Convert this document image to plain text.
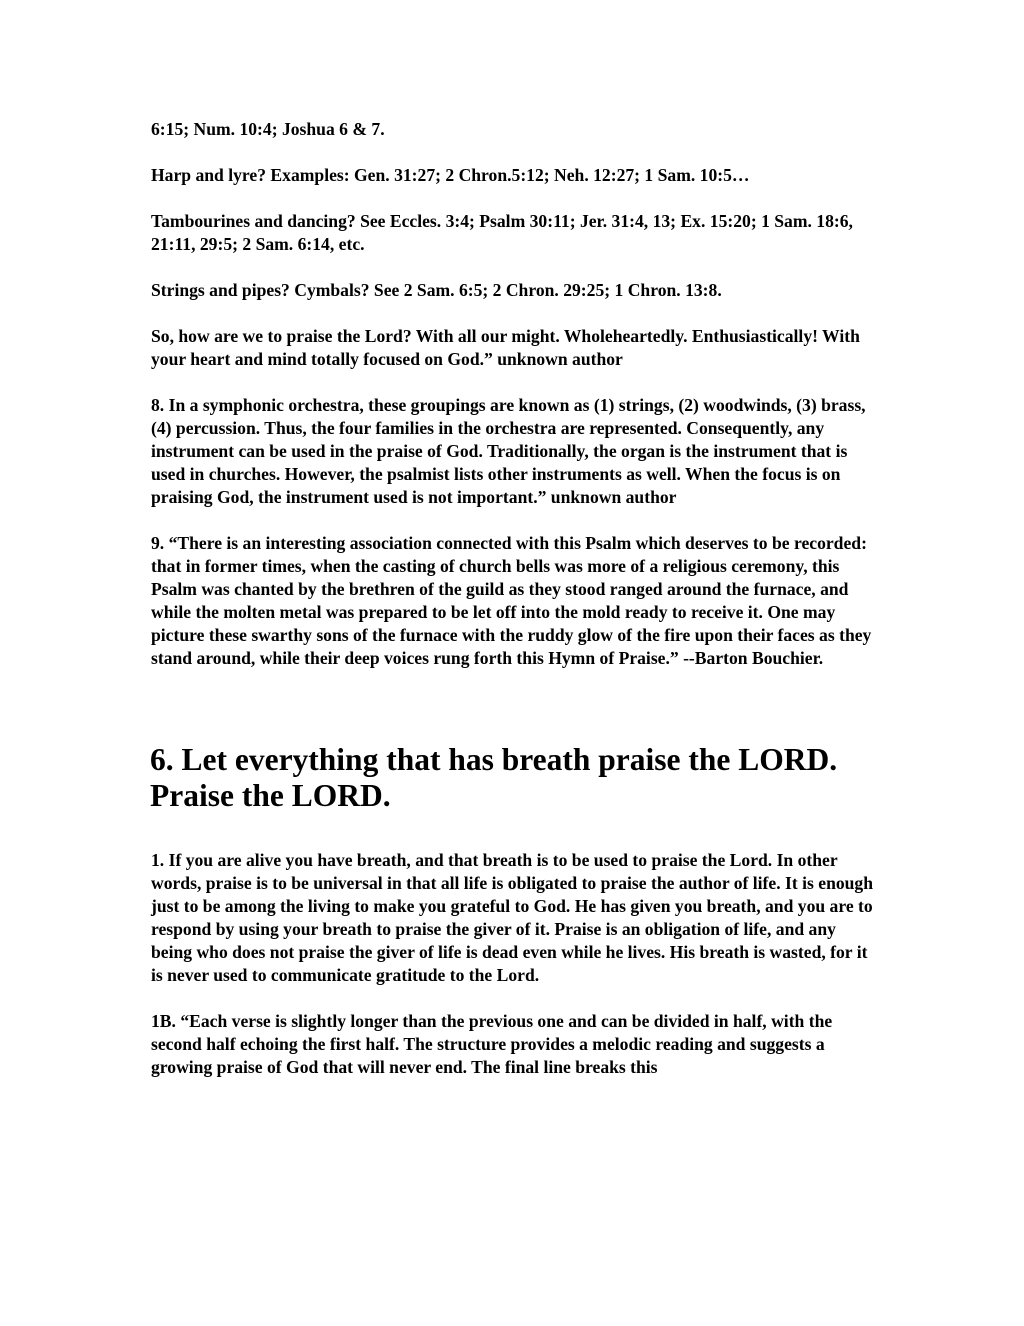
6:15; Num. 10:4; Joshua 6 & 7.

Harp and lyre? Examples: Gen. 31:27; 2 Chron.5:12; Neh. 12:27; 1 Sam. 10:5…

Tambourines and dancing? See Eccles. 3:4; Psalm 30:11; Jer. 31:4, 13; Ex. 15:20; 1 Sam. 18:6, 21:11, 29:5; 2 Sam. 6:14, etc.

Strings and pipes? Cymbals? See 2 Sam. 6:5; 2 Chron. 29:25; 1 Chron. 13:8.

So, how are we to praise the Lord? With all our might. Wholeheartedly. Enthusiastically! With your heart and mind totally focused on God.” unknown author

8. In a symphonic orchestra, these groupings are known as (1) strings, (2) woodwinds, (3) brass, (4) percussion. Thus, the four families in the orchestra are represented. Consequently, any instrument can be used in the praise of God. Traditionally, the organ is the instrument that is used in churches. However, the psalmist lists other instruments as well. When the focus is on praising God, the instrument used is not important.” unknown author

9. “There is an interesting association connected with this Psalm which deserves to be recorded: that in former times, when the casting of church bells was more of a religious ceremony, this Psalm was chanted by the brethren of the guild as they stood ranged around the furnace, and while the molten metal was prepared to be let off into the mold ready to receive it. One may picture these swarthy sons of the furnace with the ruddy glow of the fire upon their faces as they stand around, while their deep voices rung forth this Hymn of Praise.” --Barton Bouchier.

6. Let everything that has breath praise the LORD. Praise the LORD.

1. If you are alive you have breath, and that breath is to be used to praise the Lord. In other words, praise is to be universal in that all life is obligated to praise the author of life. It is enough just to be among the living to make you grateful to God. He has given you breath, and you are to respond by using your breath to praise the giver of it. Praise is an obligation of life, and any being who does not praise the giver of life is dead even while he lives. His breath is wasted, for it is never used to communicate gratitude to the Lord.

1B. “Each verse is slightly longer than the previous one and can be divided in half, with the second half echoing the first half. The structure provides a melodic reading and suggests a growing praise of God that will never end. The final line breaks this
